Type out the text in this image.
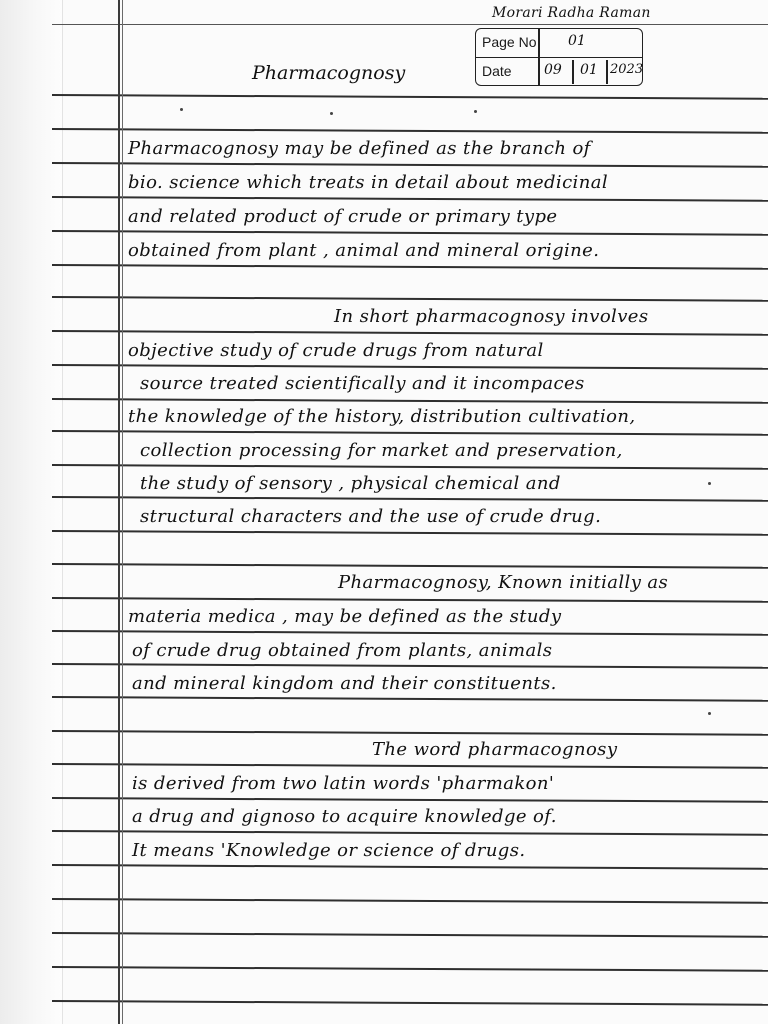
Morari Radha Raman
Page No 01
Date 09 01 2023
Pharmacognosy
Pharmacognosy may be defined as the branch of
bio. science which treats in detail about medicinal
and related product of crude or primary type
obtained from plant , animal and mineral origine.
In short pharmacognosy involves
objective study of crude drugs from natural
source treated scientifically and it incompaces
the knowledge of the history, distribution cultivation,
collection processing for market and preservation,
the study of sensory , physical chemical and
structural characters and the use of crude drug.
Pharmacognosy, Known initially as
materia medica , may be defined as the study
of crude drug obtained from plants, animals
and mineral kingdom and their constituents.
The word pharmacognosy
is derived from two latin words 'pharmakon'
a drug and gignoso to acquire knowledge of.
It means 'Knowledge or science of drugs.
